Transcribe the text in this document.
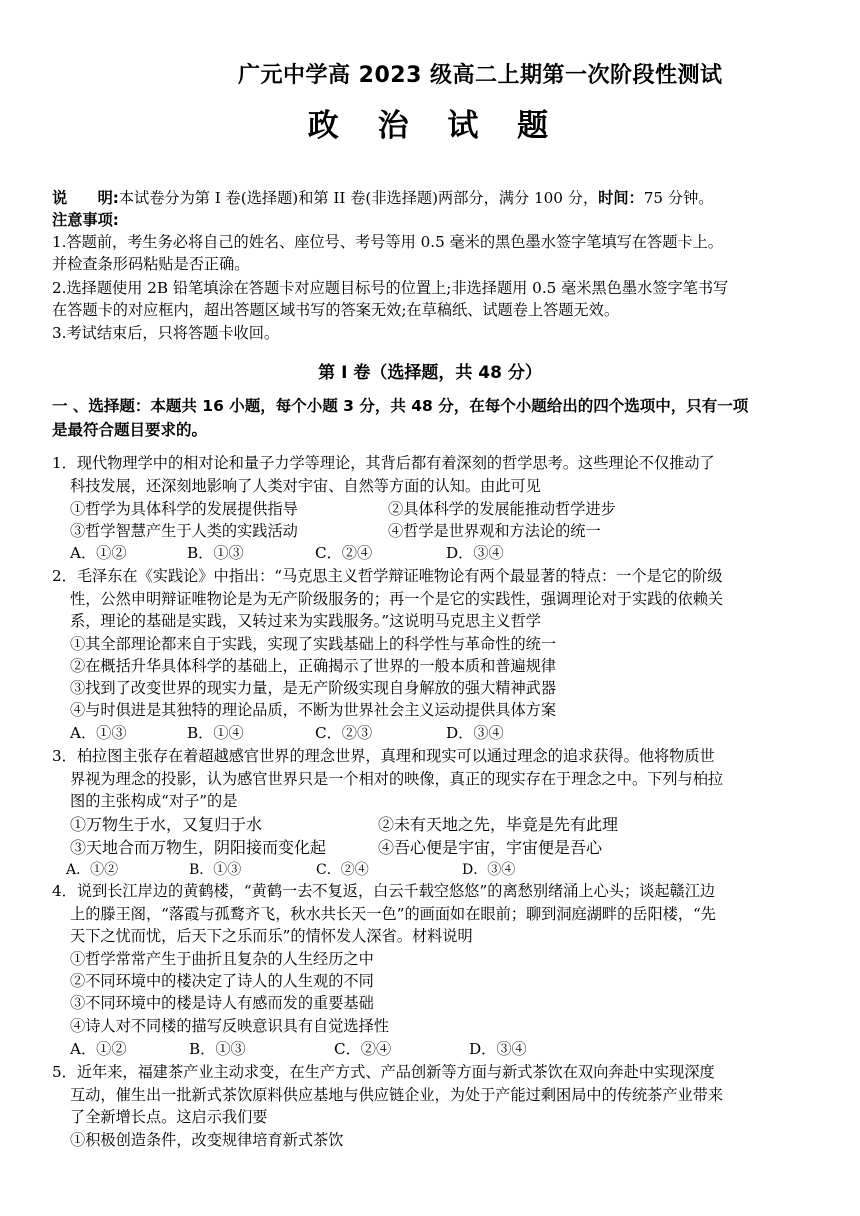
广元中学高 2023 级高二上期第一次阶段性测试
政 治 试 题
说　　明:本试卷分为第 I 卷(选择题)和第 II 卷(非选择题)两部分，满分 100 分，时间：75 分钟。
注意事项:
1.答题前，考生务必将自己的姓名、座位号、考号等用 0.5 毫米的黑色墨水签字笔填写在答题卡上。
并检查条形码粘贴是否正确。
2.选择题使用 2B 铅笔填涂在答题卡对应题目标号的位置上;非选择题用 0.5 毫米黑色墨水签字笔书写
在答题卡的对应框内，超出答题区域书写的答案无效;在草稿纸、试题卷上答题无效。
3.考试结束后，只将答题卡收回。
第 I 卷（选择题，共 48 分）
一 、选择题：本题共 16 小题，每个小题 3 分，共 48 分，在每个小题给出的四个选项中，只有一项
是最符合题目要求的。
1．现代物理学中的相对论和量子力学等理论，其背后都有着深刻的哲学思考。这些理论不仅推动了
科技发展，还深刻地影响了人类对宇宙、自然等方面的认知。由此可见
①哲学为具体科学的发展提供指导	②具体科学的发展能推动哲学进步
③哲学智慧产生于人类的实践活动	④哲学是世界观和方法论的统一
A．①②	B．①③	C．②④	D．③④
2．毛泽东在《实践论》中指出：“马克思主义哲学辩证唯物论有两个最显著的特点：一个是它的阶级
性，公然申明辩证唯物论是为无产阶级服务的；再一个是它的实践性，强调理论对于实践的依赖关
系，理论的基础是实践，又转过来为实践服务。”这说明马克思主义哲学
①其全部理论都来自于实践，实现了实践基础上的科学性与革命性的统一
②在概括升华具体科学的基础上，正确揭示了世界的一般本质和普遍规律
③找到了改变世界的现实力量，是无产阶级实现自身解放的强大精神武器
④与时俱进是其独特的理论品质，不断为世界社会主义运动提供具体方案
A．①③	B．①④	C．②③	D．③④
3．柏拉图主张存在着超越感官世界的理念世界，真理和现实可以通过理念的追求获得。他将物质世
界视为理念的投影，认为感官世界只是一个相对的映像，真正的现实存在于理念之中。下列与柏拉
图的主张构成“对子”的是
①万物生于水，又复归于水	②未有天地之先，毕竟是先有此理
③天地合而万物生，阴阳接而变化起	④吾心便是宇宙，宇宙便是吾心
A．①②	B．①③	C．②④	D．③④
4．说到长江岸边的黄鹤楼，“黄鹤一去不复返，白云千载空悠悠”的离愁别绪涌上心头；谈起赣江边
上的滕王阁，“落霞与孤鹜齐飞，秋水共长天一色”的画面如在眼前；聊到洞庭湖畔的岳阳楼，“先
天下之忧而忧，后天下之乐而乐”的情怀发人深省。材料说明
①哲学常常产生于曲折且复杂的人生经历之中
②不同环境中的楼决定了诗人的人生观的不同
③不同环境中的楼是诗人有感而发的重要基础
④诗人对不同楼的描写反映意识具有自觉选择性
A．①②	B．①③	C．②④	D．③④
5．近年来，福建茶产业主动求变，在生产方式、产品创新等方面与新式茶饮在双向奔赴中实现深度
互动，催生出一批新式茶饮原料供应基地与供应链企业，为处于产能过剩困局中的传统茶产业带来
了全新增长点。这启示我们要
①积极创造条件，改变规律培育新式茶饮
